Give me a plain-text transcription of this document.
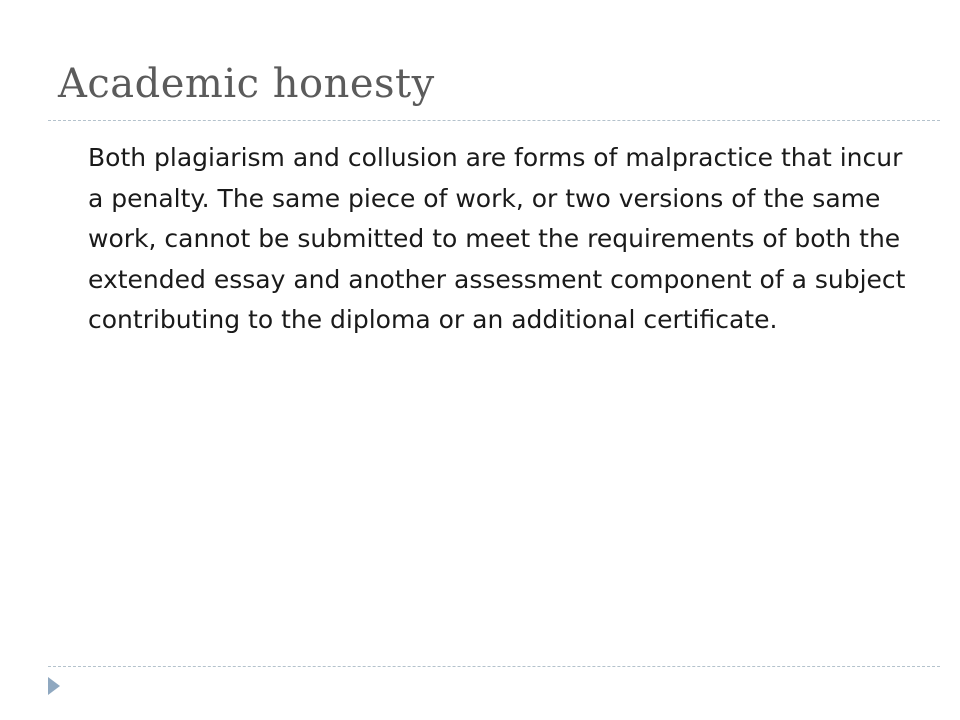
Academic honesty

Both plagiarism and collusion are forms of malpractice that incur a penalty. The same piece of work, or two versions of the same work, cannot be submitted to meet the requirements of both the extended essay and another assessment component of a subject contributing to the diploma or an additional certificate.
